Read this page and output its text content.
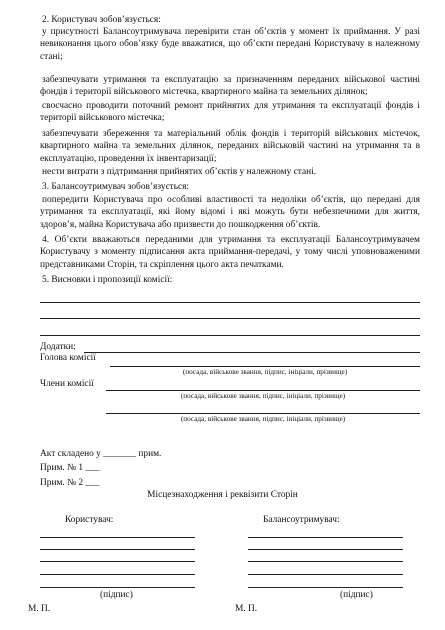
2. Користувач зобов’язується:
у присутності Балансоутримувача перевірити стан об’єктів у момент їх приймання. У разі невиконання цього обов’язку буде вважатися, що об’єкти передані Користувачу в належному стані;
забезпечувати утримання та експлуатацію за призначенням переданих військової частині фондів і території військового містечка, квартирного майна та земельних ділянок;
своєчасно проводити поточний ремонт прийнятих для утримання та експлуатації фондів і території військового містечка;
забезпечувати збереження та матеріальний облік фондів і територій військових містечок, квартирного майна та земельних ділянок, переданих військовій частині на утримання та в експлуатацію, проведення їх інвентаризації;
нести витрати з підтримання прийнятих об’єктів у належному стані.
3. Балансоутримувач зобов’язується:
попередити Користувача про особливі властивості та недоліки об’єктів, що передані для утримання та експлуатації, які йому відомі і які можуть бути небезпечними для життя, здоров’я, майна Користувача або призвести до пошкодження об’єктів.
4. Об’єкти вважаються переданими для утримання та експлуатації Балансоутримувачем Користувачу з моменту підписання акта приймання-передачі, у тому числі уповноваженими представниками Сторін, та скріплення цього акта печатками.
5. Висновки і пропозиції комісії:
Додатки:
Голова комісії
(посада, військове звання, підпис, ініціали, прізвище)
Члени комісії
(посада, військове звання, підпис, ініціали, прізвище)
(посада, військове звання, підпис, ініціали, прізвище)
Акт складено у _______ прим.
Прим. № 1 ___
Прим. № 2 ___
Місцезнаходження і реквізити Сторін
Користувач:	Балансоутримувач:
(підпис)	(підпис)
М. П.	М. П.
